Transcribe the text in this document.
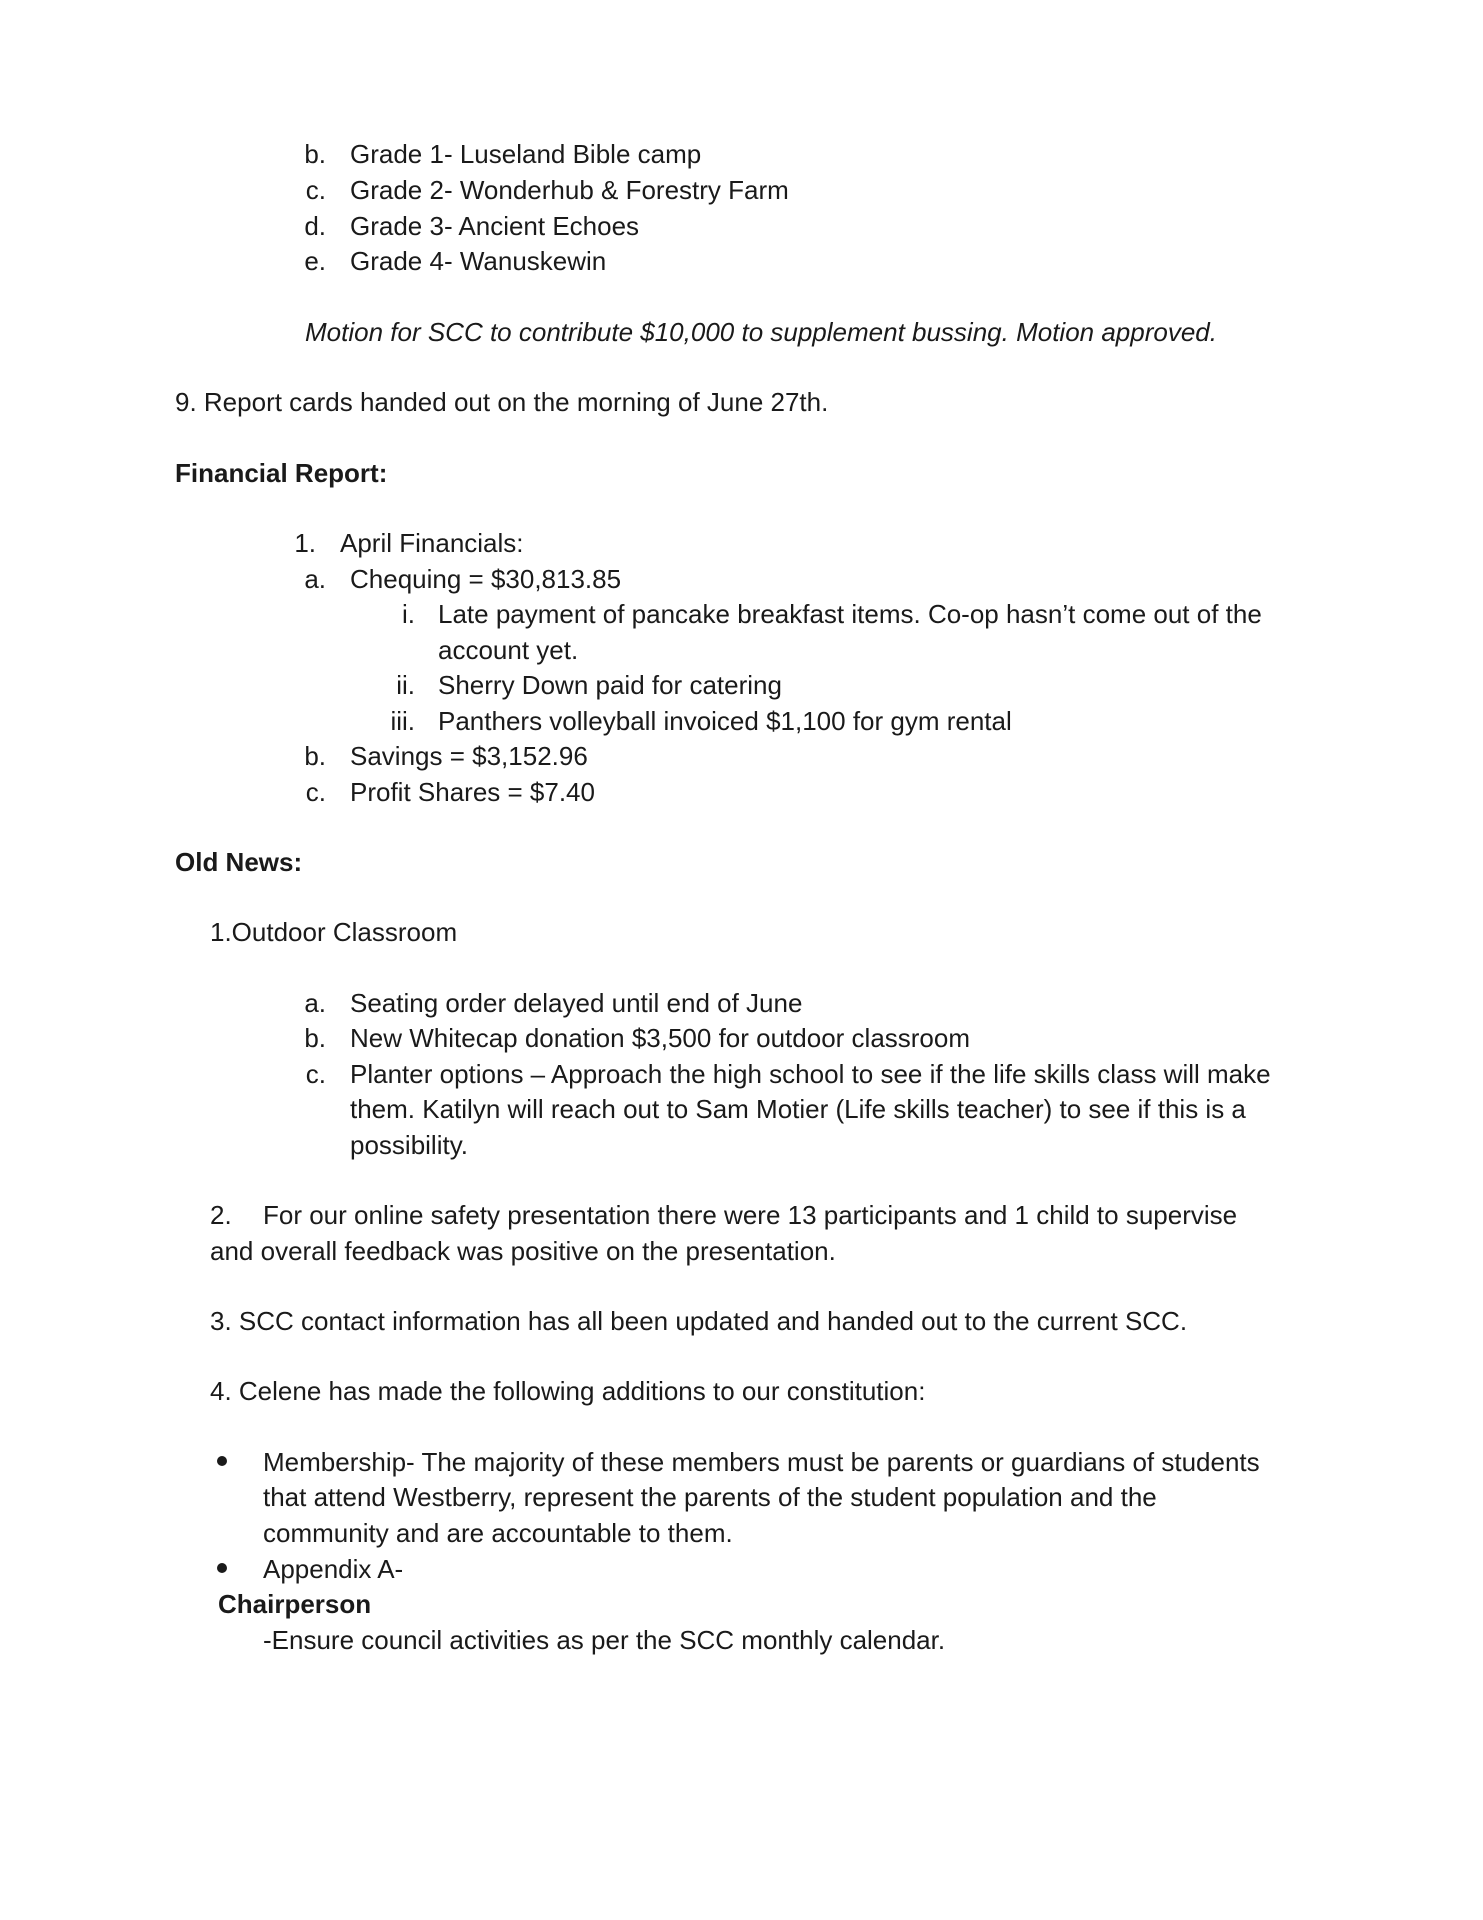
b. Grade 1- Luseland Bible camp
c. Grade 2- Wonderhub & Forestry Farm
d. Grade 3- Ancient Echoes
e. Grade 4- Wanuskewin
Motion for SCC to contribute $10,000 to supplement bussing. Motion approved.
9. Report cards handed out on the morning of June 27th.
Financial Report:
1. April Financials:
a. Chequing = $30,813.85
i. Late payment of pancake breakfast items. Co-op hasn’t come out of the
account yet.
ii. Sherry Down paid for catering
iii. Panthers volleyball invoiced $1,100 for gym rental
b. Savings = $3,152.96
c. Profit Shares = $7.40
Old News:
1.Outdoor Classroom
a. Seating order delayed until end of June
b. New Whitecap donation $3,500 for outdoor classroom
c. Planter options – Approach the high school to see if the life skills class will make
them. Katilyn will reach out to Sam Motier (Life skills teacher) to see if this is a
possibility.
2. For our online safety presentation there were 13 participants and 1 child to supervise
and overall feedback was positive on the presentation.
3. SCC contact information has all been updated and handed out to the current SCC.
4. Celene has made the following additions to our constitution:
Membership- The majority of these members must be parents or guardians of students
that attend Westberry, represent the parents of the student population and the
community and are accountable to them.
Appendix A-
Chairperson
-Ensure council activities as per the SCC monthly calendar.
